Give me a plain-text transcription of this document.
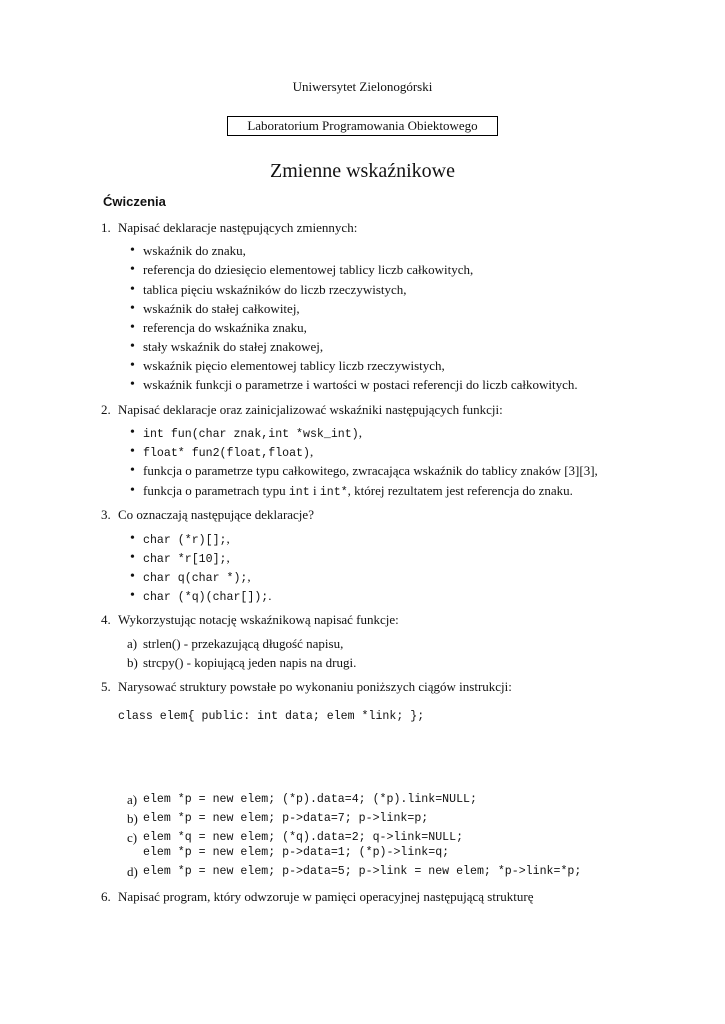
Uniwersytet Zielonogórski
Laboratorium Programowania Obiektowego
Zmienne wskaźnikowe
Ćwiczenia
1. Napisać deklaracje następujących zmiennych:
• wskaźnik do znaku,
• referencja do dziesięcio elementowej tablicy liczb całkowitych,
• tablica pięciu wskaźników do liczb rzeczywistych,
• wskaźnik do stałej całkowitej,
• referencja do wskaźnika znaku,
• stały wskaźnik do stałej znakowej,
• wskaźnik pięcio elementowej tablicy liczb rzeczywistych,
• wskaźnik funkcji o parametrze i wartości w postaci referencji do liczb całkowitych.
2. Napisać deklaracje oraz zainicjalizować wskaźniki następujących funkcji:
• int fun(char znak,int *wsk_int),
• float* fun2(float,float),
• funkcja o parametrze typu całkowitego, zwracająca wskaźnik do tablicy znaków [3][3],
• funkcja o parametrach typu int i int*, której rezultatem jest referencja do znaku.
3. Co oznaczają następujące deklaracje?
• char (*r)[];,
• char *r[10];,
• char q(char *);,
• char (*q)(char[]);.
4. Wykorzystując notację wskaźnikową napisać funkcje:
a) strlen() - przekazującą długość napisu,
b) strcpy() - kopiującą jeden napis na drugi.
5. Narysować struktury powstałe po wykonaniu poniższych ciągów instrukcji:
class elem{ public: int data; elem *link; };
a) elem *p = new elem; (*p).data=4; (*p).link=NULL;
b) elem *p = new elem; p->data=7; p->link=p;
c) elem *q = new elem; (*q).data=2; q->link=NULL;
elem *p = new elem; p->data=1; (*p)->link=q;
d) elem *p = new elem; p->data=5; p->link = new elem; *p->link=*p;
6. Napisać program, który odwzoruje w pamięci operacyjnej następującą strukturę
